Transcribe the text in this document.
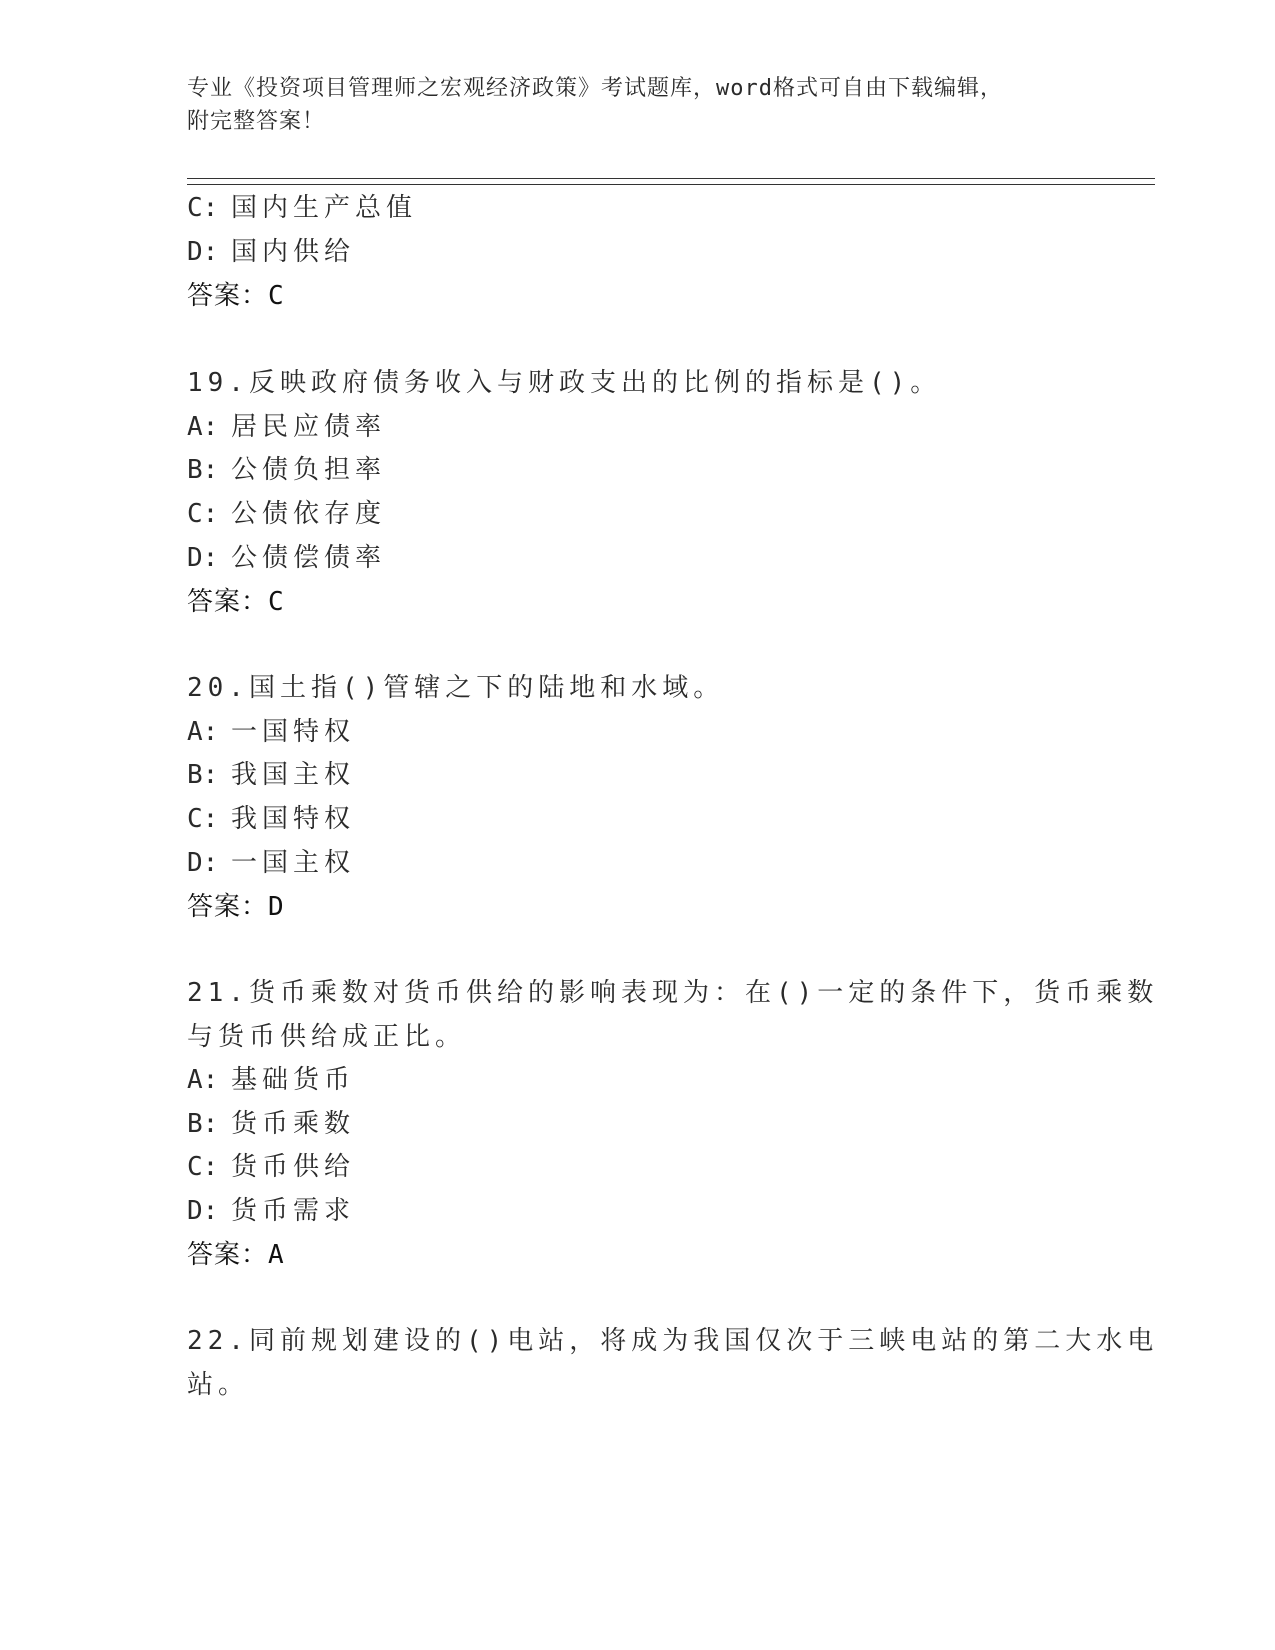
专业《投资项目管理师之宏观经济政策》考试题库，word格式可自由下载编辑，
附完整答案！
C: 国内生产总值
D: 国内供给
答案：C
19.反映政府债务收入与财政支出的比例的指标是()。
A: 居民应债率
B: 公债负担率
C: 公债依存度
D: 公债偿债率
答案：C
20.国土指()管辖之下的陆地和水域。
A: 一国特权
B: 我国主权
C: 我国特权
D: 一国主权
答案：D
21.货币乘数对货币供给的影响表现为：在()一定的条件下，货币乘数
与货币供给成正比。
A: 基础货币
B: 货币乘数
C: 货币供给
D: 货币需求
答案：A
22.同前规划建设的()电站，将成为我国仅次于三峡电站的第二大水电
站。
